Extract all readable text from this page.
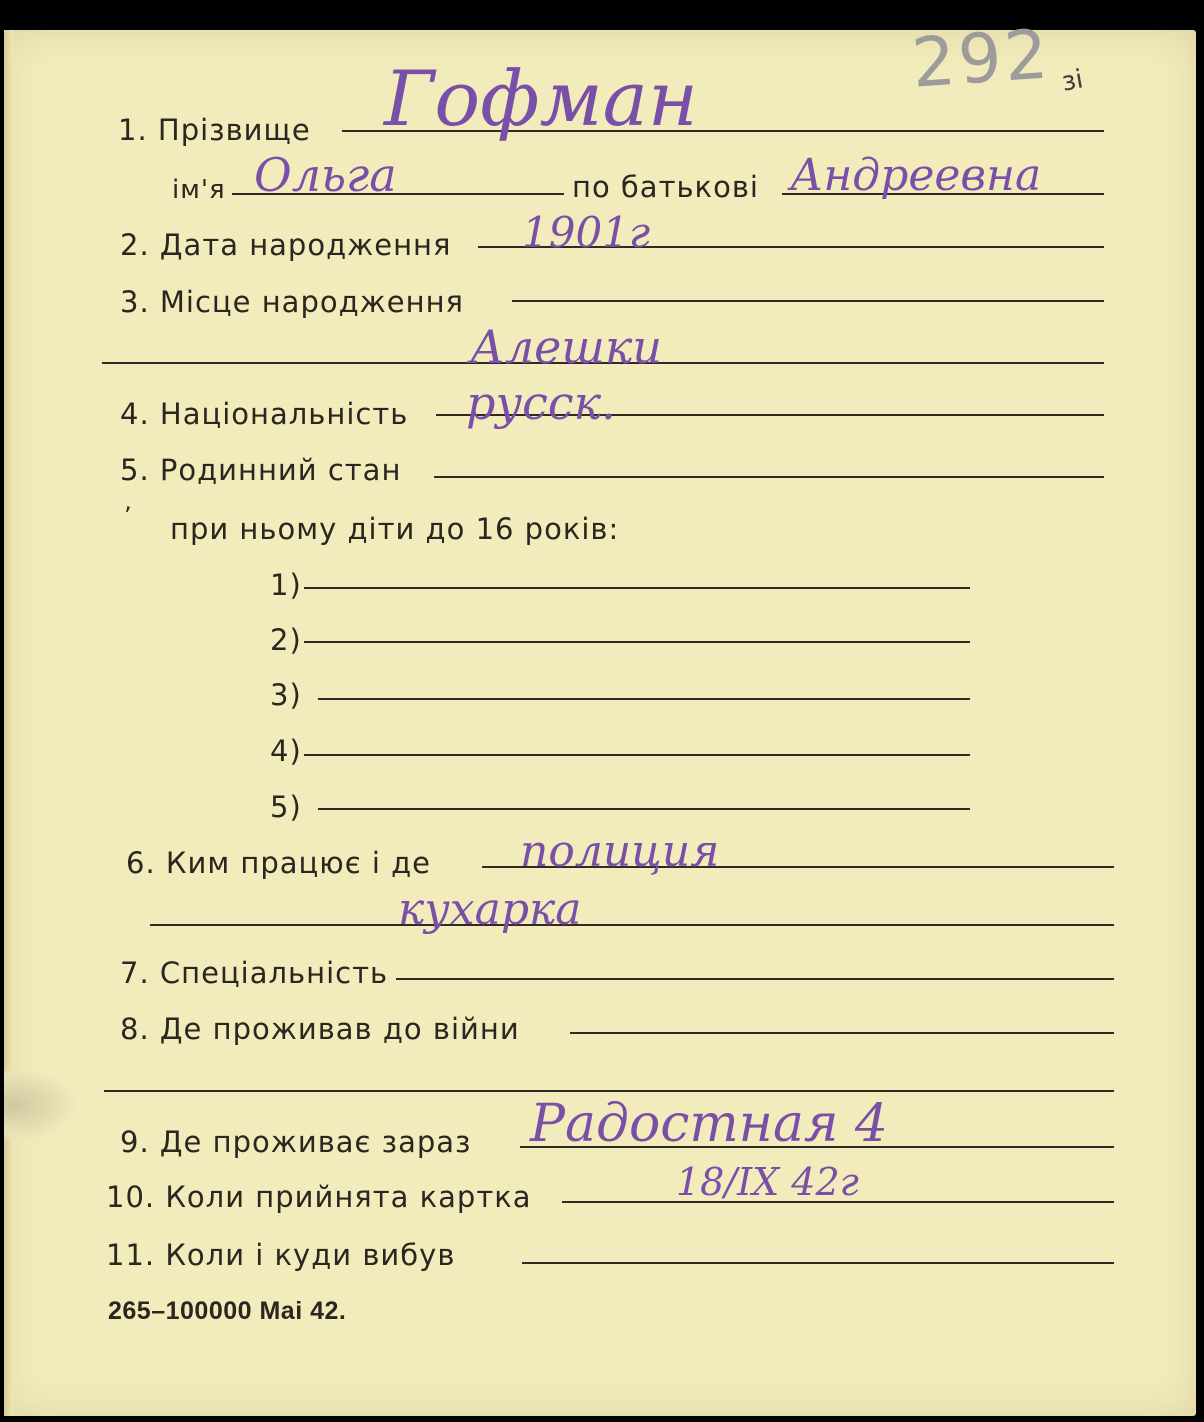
292 зі
1. Прізвище Гофман
ім'я Ольга	по батькові Андреевна
2. Дата народження 1901г
3. Місце народження
Алешки
4. Національність русск.
5. Родинний стан
’ при ньому діти до 16 років:
1)
2)
3)
4)
5)
6. Ким працює і де полиция
кухарка
7. Спеціальність
8. Де проживав до війни
9. Де проживає зараз Радостная 4
10. Коли прийнята картка	18/IX 42г
11. Коли і куди вибув
265–100000 Mai 42.
